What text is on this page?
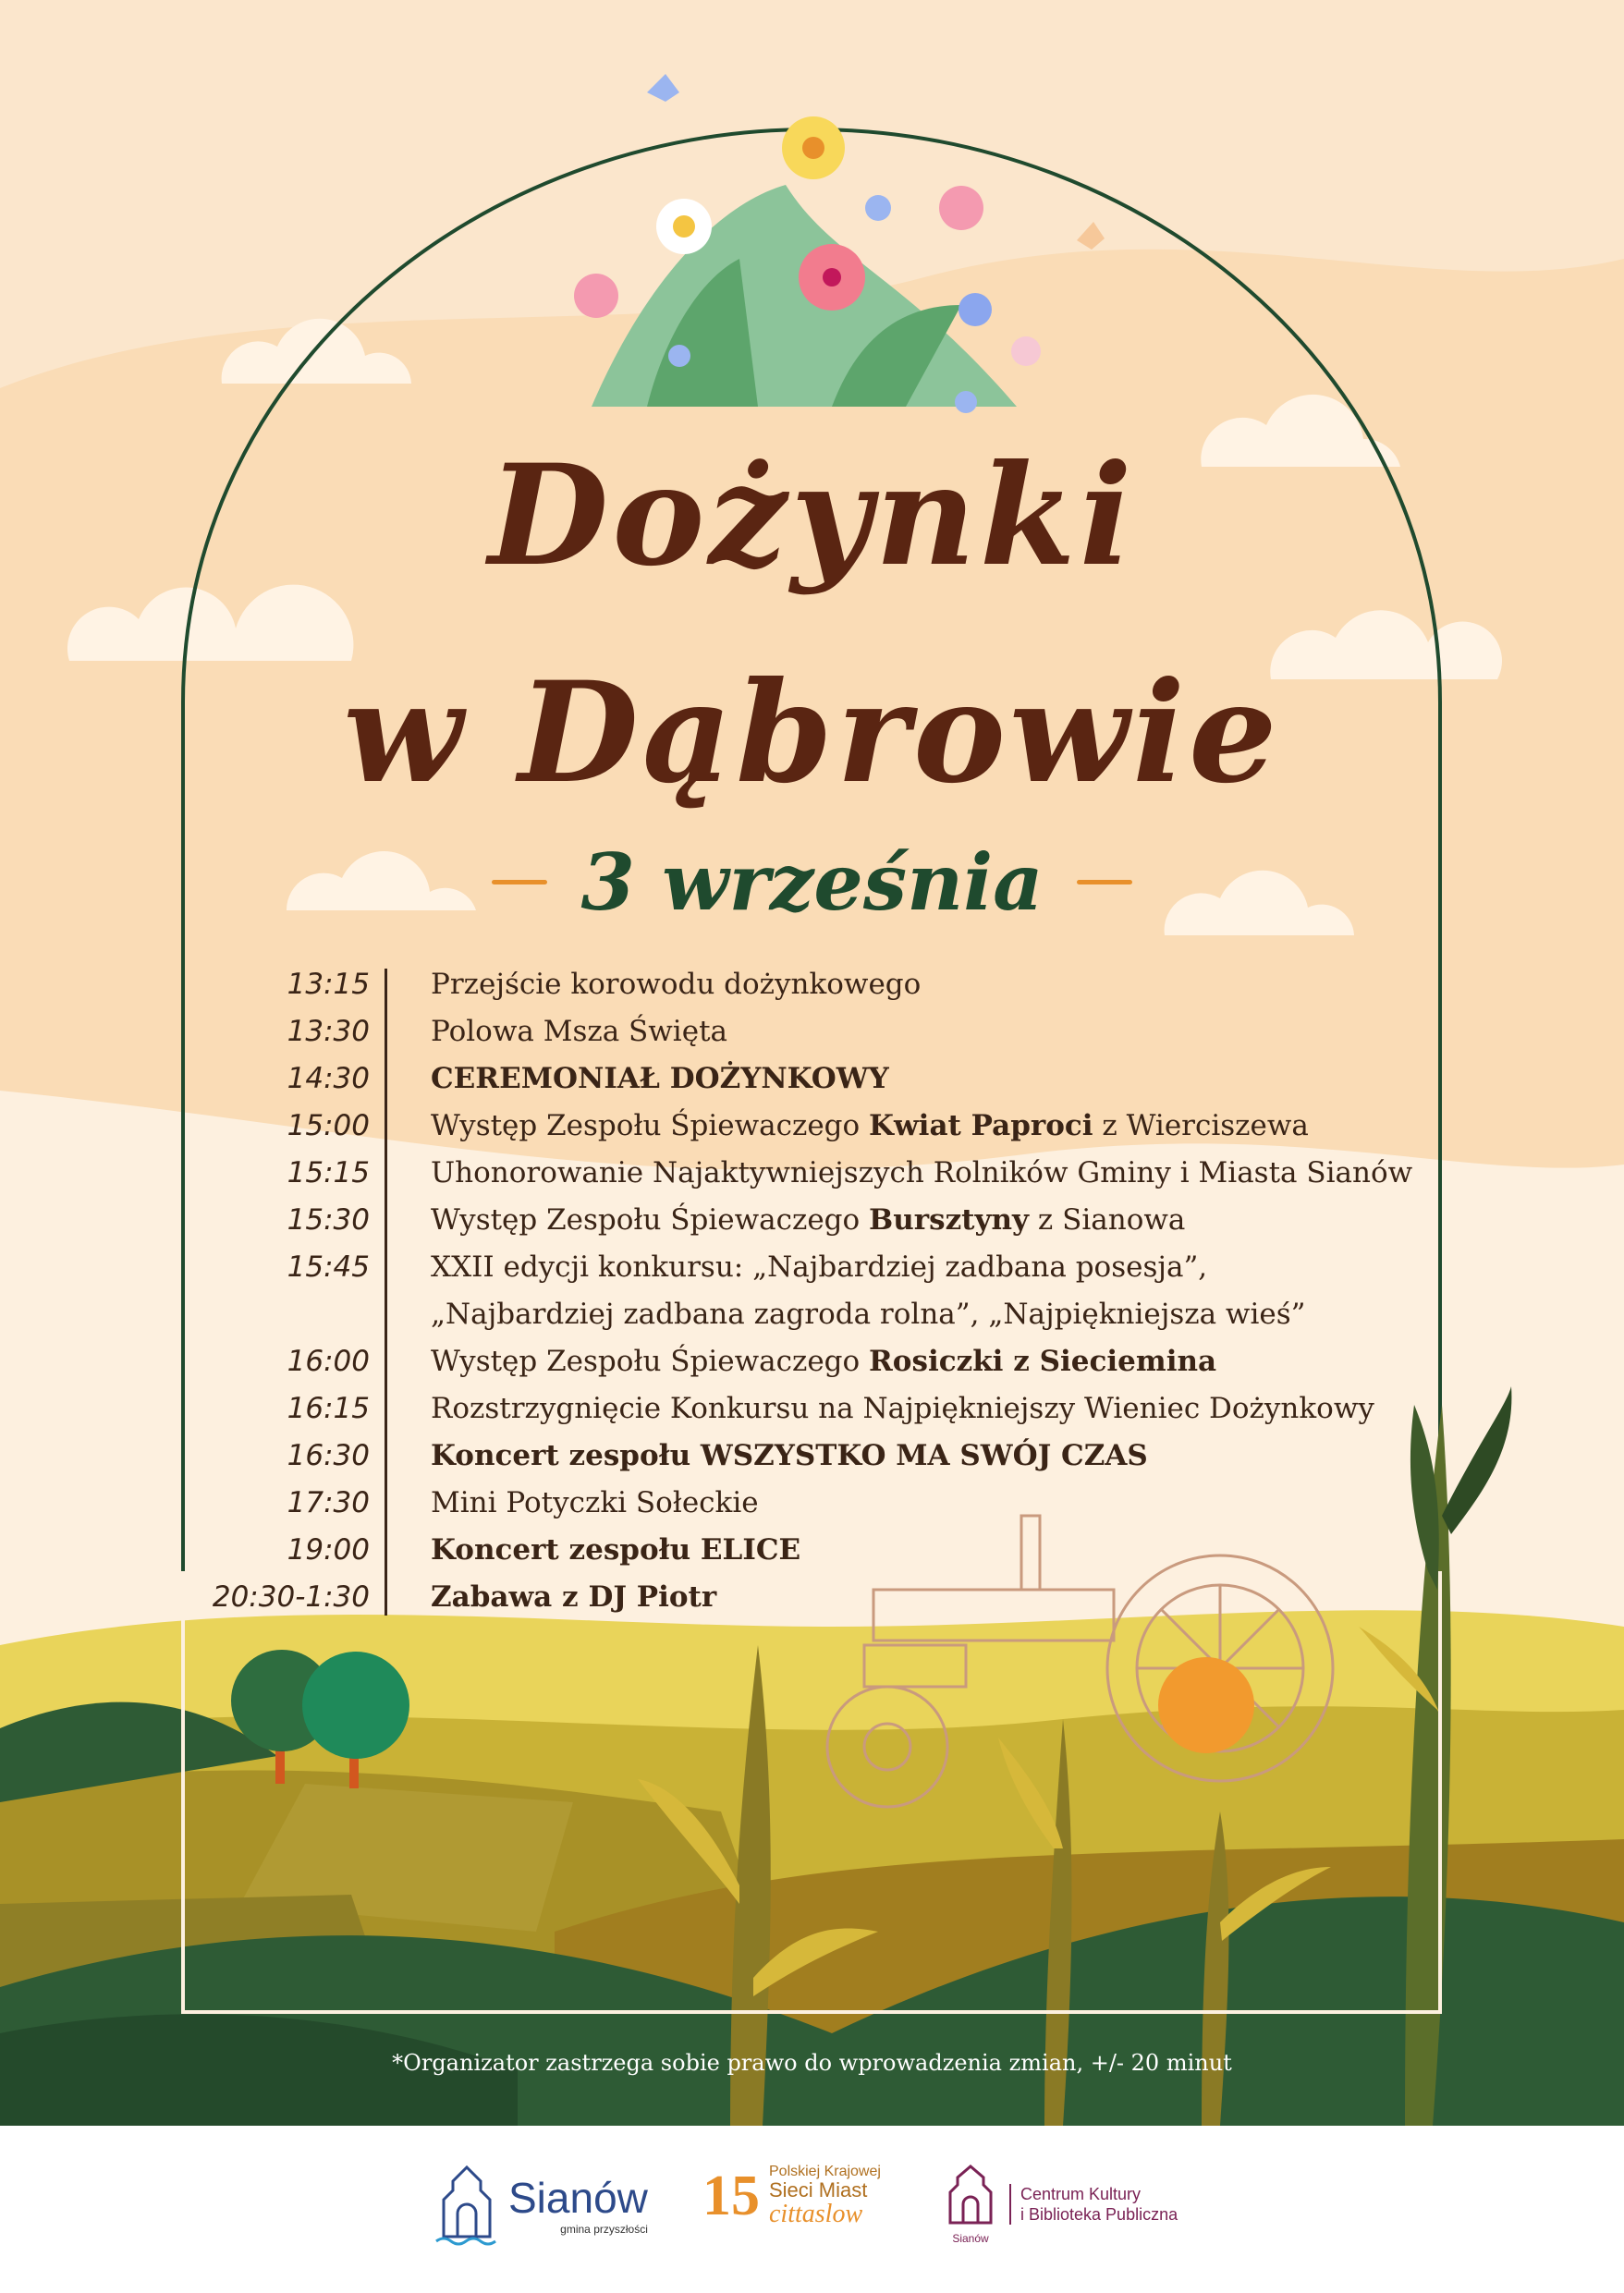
Dożynki
w Dąbrowie
3 września
13:15	Przejście korowodu dożynkowego
13:30	Polowa Msza Święta
14:30	CEREMONIAŁ DOŻYNKOWY
15:00	Występ Zespołu Śpiewaczego Kwiat Paproci z Wierciszewa
15:15	Uhonorowanie Najaktywniejszych Rolników Gminy i Miasta Sianów
15:30	Występ Zespołu Śpiewaczego Bursztyny z Sianowa
15:45	XXII edycji konkursu: „Najbardziej zadbana posesja”,
„Najbardziej zadbana zagroda rolna”, „Najpiękniejsza wieś”
16:00	Występ Zespołu Śpiewaczego Rosiczki z Sieciemina
16:15	Rozstrzygnięcie Konkursu na Najpiękniejszy Wieniec Dożynkowy
16:30	Koncert zespołu WSZYSTKO MA SWÓJ CZAS
17:30	Mini Potyczki Sołeckie
19:00	Koncert zespołu ELICE
20:30-1:30	Zabawa z DJ Piotr
*Organizator zastrzega sobie prawo do wprowadzenia zmian, +/- 20 minut
Sianów
gmina przyszłości
15 Polskiej Krajowej
Sieci Miast
cittaslow
Sianów
Centrum Kultury
i Biblioteka Publiczna
